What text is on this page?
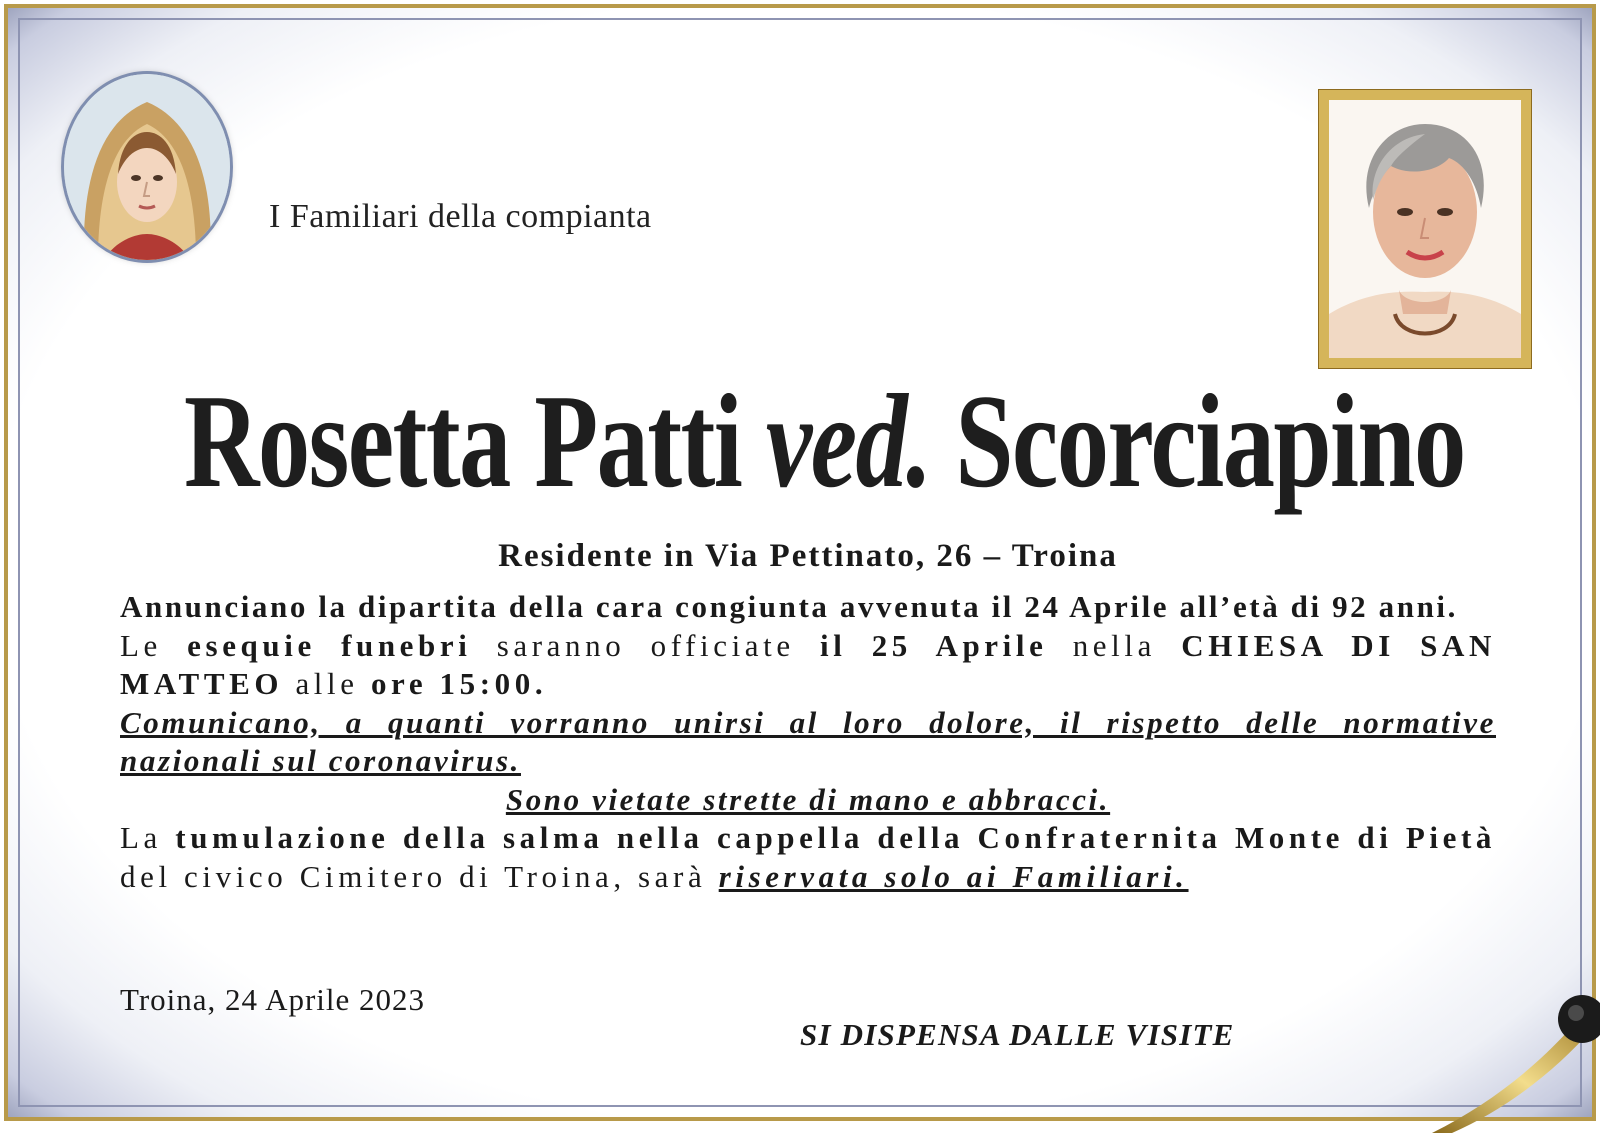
I Familiari della compianta
Rosetta Patti ved. Scorciapino
Residente in Via Pettinato, 26 – Troina

Annunciano la dipartita della cara congiunta avvenuta il 24 Aprile all’età di 92 anni.

Le esequie funebri saranno officiate il 25 Aprile nella CHIESA DI SAN MATTEO alle ore 15:00.

Comunicano, a quanti vorranno unirsi al loro dolore, il rispetto delle normative nazionali sul coronavirus.

Sono vietate strette di mano e abbracci.

La tumulazione della salma nella cappella della Confraternita Monte di Pietà del civico Cimitero di Troina, sarà riservata solo ai Familiari.

Troina, 24 Aprile 2023
SI DISPENSA DALLE VISITE
